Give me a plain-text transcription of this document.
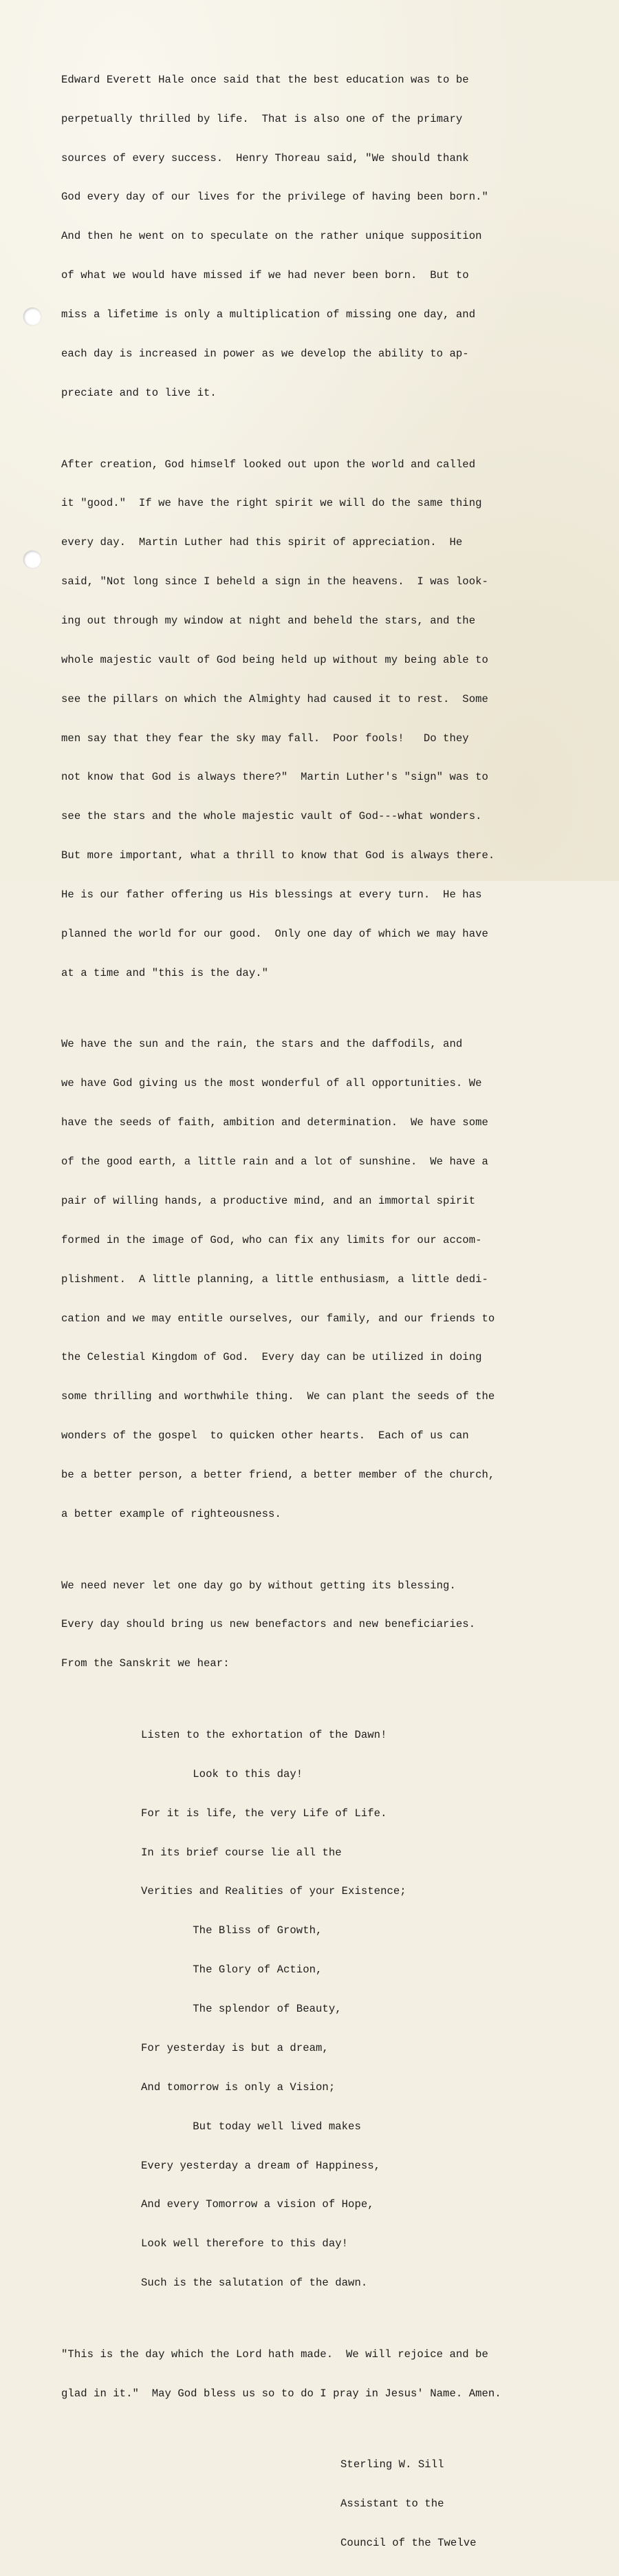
Edward Everett Hale once said that the best education was to be

perpetually thrilled by life.  That is also one of the primary

sources of every success.  Henry Thoreau said, "We should thank

God every day of our lives for the privilege of having been born."

And then he went on to speculate on the rather unique supposition

of what we would have missed if we had never been born.  But to

miss a lifetime is only a multiplication of missing one day, and

each day is increased in power as we develop the ability to ap-

preciate and to live it.

After creation, God himself looked out upon the world and called

it "good."  If we have the right spirit we will do the same thing

every day.  Martin Luther had this spirit of appreciation.  He

said, "Not long since I beheld a sign in the heavens.  I was look-

ing out through my window at night and beheld the stars, and the

whole majestic vault of God being held up without my being able to

see the pillars on which the Almighty had caused it to rest.  Some

men say that they fear the sky may fall.  Poor fools!   Do they

not know that God is always there?"  Martin Luther's "sign" was to

see the stars and the whole majestic vault of God---what wonders.

But more important, what a thrill to know that God is always there.

He is our father offering us His blessings at every turn.  He has

planned the world for our good.  Only one day of which we may have

at a time and "this is the day."

We have the sun and the rain, the stars and the daffodils, and

we have God giving us the most wonderful of all opportunities. We

have the seeds of faith, ambition and determination.  We have some

of the good earth, a little rain and a lot of sunshine.  We have a

pair of willing hands, a productive mind, and an immortal spirit

formed in the image of God, who can fix any limits for our accom-

plishment.  A little planning, a little enthusiasm, a little dedi-

cation and we may entitle ourselves, our family, and our friends to

the Celestial Kingdom of God.  Every day can be utilized in doing

some thrilling and worthwhile thing.  We can plant the seeds of the

wonders of the gospel  to quicken other hearts.  Each of us can

be a better person, a better friend, a better member of the church,

a better example of righteousness.

We need never let one day go by without getting its blessing.

Every day should bring us new benefactors and new beneficiaries.

From the Sanskrit we hear:

Listen to the exhortation of the Dawn!

Look to this day!

For it is life, the very Life of Life.

In its brief course lie all the

Verities and Realities of your Existence;

The Bliss of Growth,

The Glory of Action,

The splendor of Beauty,

For yesterday is but a dream,

And tomorrow is only a Vision;

But today well lived makes

Every yesterday a dream of Happiness,

And every Tomorrow a vision of Hope,

Look well therefore to this day!

Such is the salutation of the dawn.

"This is the day which the Lord hath made.  We will rejoice and be

glad in it."  May God bless us so to do I pray in Jesus' Name. Amen.

Sterling W. Sill

Assistant to the

Council of the Twelve
